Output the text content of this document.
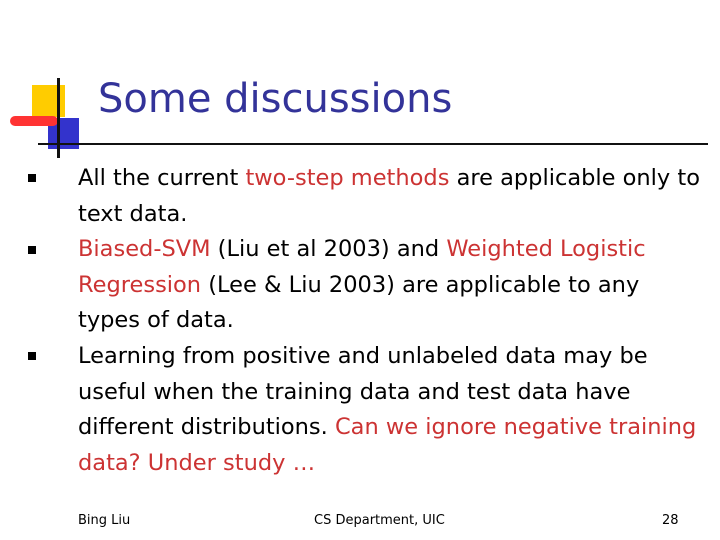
Some discussions
All the current two-step methods are applicable only to text data.
Biased-SVM (Liu et al 2003) and Weighted Logistic Regression (Lee & Liu 2003) are applicable to any types of data.
Learning from positive and unlabeled data may be useful when the training data and test data have different distributions. Can we ignore negative training data? Under study …
Bing Liu	CS Department, UIC	28
